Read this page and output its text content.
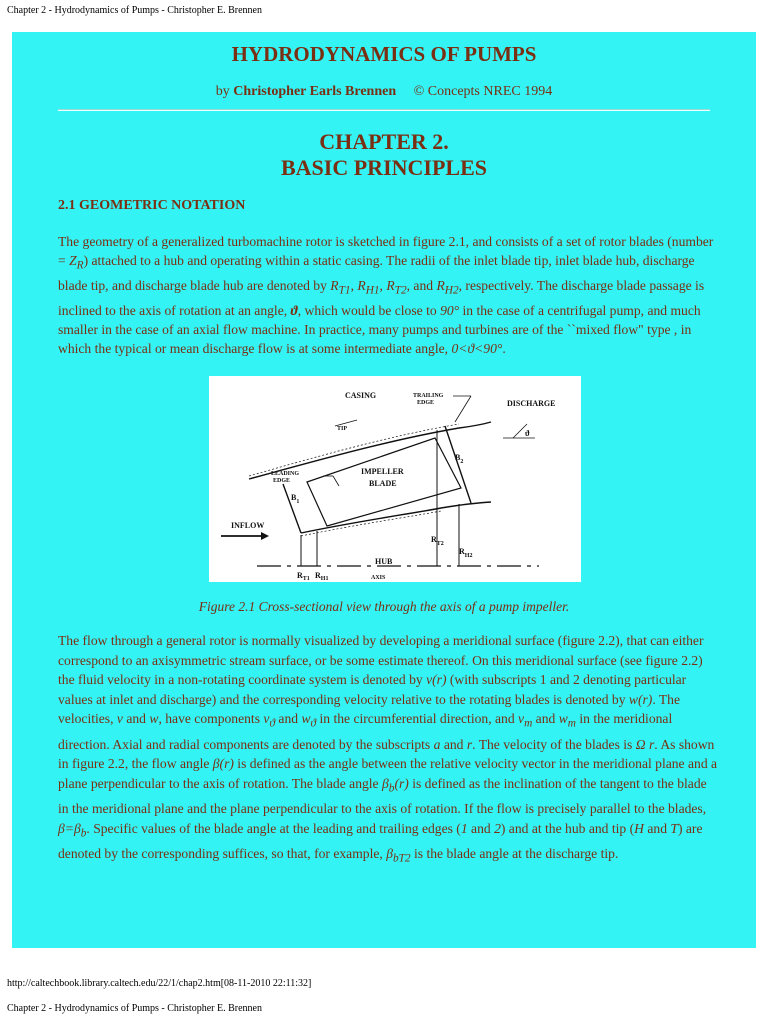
Chapter 2 - Hydrodynamics of Pumps - Christopher E. Brennen
HYDRODYNAMICS OF PUMPS
by Christopher Earls Brennen © Concepts NREC 1994
CHAPTER 2.
BASIC PRINCIPLES
2.1 GEOMETRIC NOTATION

The geometry of a generalized turbomachine rotor is sketched in figure 2.1, and consists of a set of rotor blades (number = $Z_R$) attached to a hub and operating within a static casing. The radii of the inlet blade tip, inlet blade hub, discharge blade tip, and discharge blade hub are denoted by $R_{T1}$, $R_{H1}$, $R_{T2}$, and $R_{H2}$, respectively. The discharge blade passage is inclined to the axis of rotation at an angle, ϑ, which would be close to 90° in the case of a centrifugal pump, and much smaller in the case of an axial flow machine. In practice, many pumps and turbines are of the ``mixed flow" type , in which the typical or mean discharge flow is at some intermediate angle, 0<ϑ<90°.

CASING	TRAILING
EDGE	DISCHARGE
TIP
LEADING
EDGE
$B_2$
IMPELLER
BLADE
INFLOW
$B_1$
$R_{T2}$
$R_{H2}$
HUB
$R_{T1}$ $R_{H1}$	AXIS
ϑ
Figure 2.1 Cross-sectional view through the axis of a pump impeller.

The flow through a general rotor is normally visualized by developing a meridional surface (figure 2.2), that can either correspond to an axisymmetric stream surface, or be some estimate thereof. On this meridional surface (see figure 2.2) the fluid velocity in a non-rotating coordinate system is denoted by v(r) (with subscripts 1 and 2 denoting particular values at inlet and discharge) and the corresponding velocity relative to the rotating blades is denoted by w(r). The velocities, v and w, have components $v_ϑ$ and $w_ϑ$ in the circumferential direction, and $v_m$ and $w_m$ in the meridional direction. Axial and radial components are denoted by the subscripts a and r. The velocity of the blades is Ω r. As shown in figure 2.2, the flow angle β(r) is defined as the angle between the relative velocity vector in the meridional plane and a plane perpendicular to the axis of rotation. The blade angle $\beta_b(r)$ is defined as the inclination of the tangent to the blade in the meridional plane and the plane perpendicular to the axis of rotation. If the flow is precisely parallel to the blades, $\beta=\beta_b$. Specific values of the blade angle at the leading and trailing edges (1 and 2) and at the hub and tip (H and T) are denoted by the corresponding suffices, so that, for example, $\beta_{bT2}$ is the blade angle at the discharge tip.

http://caltechbook.library.caltech.edu/22/1/chap2.htm[08-11-2010 22:11:32]
Chapter 2 - Hydrodynamics of Pumps - Christopher E. Brennen
